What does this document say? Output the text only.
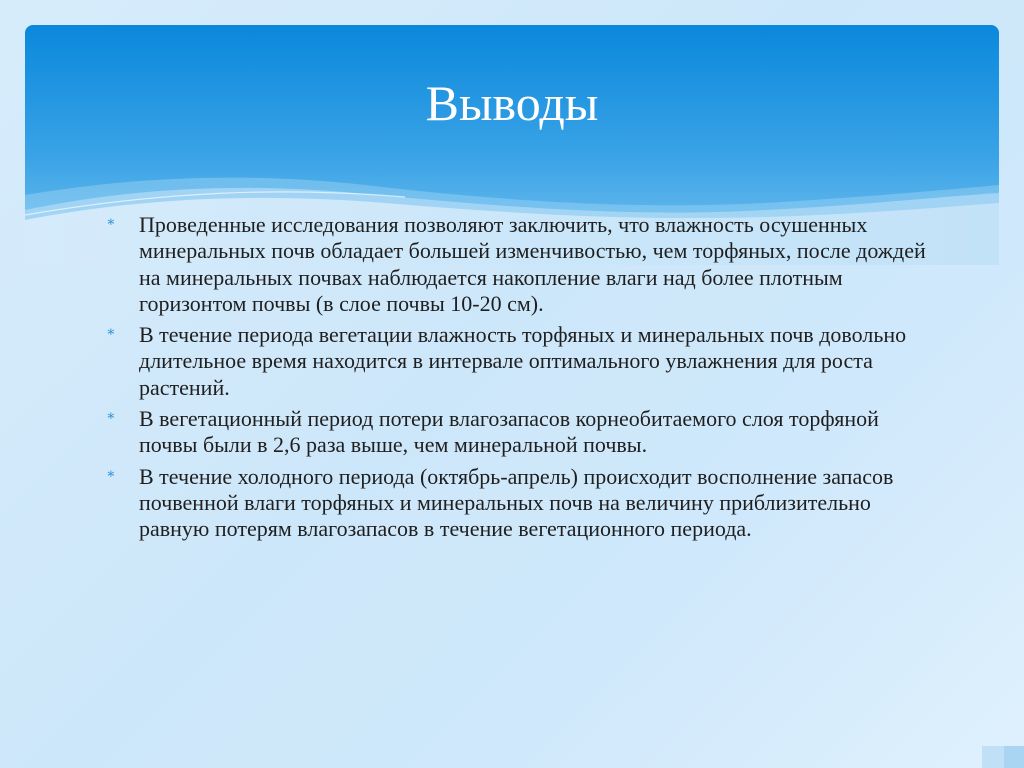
Выводы
∗ Проведенные исследования позволяют заключить, что влажность осушенных минеральных почв обладает большей изменчивостью, чем торфяных, после дождей на минеральных почвах наблюдается накопление влаги над более плотным горизонтом почвы (в слое почвы 10-20 см).
∗ В течение периода вегетации влажность торфяных и минеральных почв довольно длительное время находится в интервале оптимального увлажнения для роста растений.
∗ В вегетационный период потери влагозапасов корнеобитаемого слоя торфяной почвы были в 2,6 раза выше, чем минеральной почвы.
∗ В течение холодного периода (октябрь-апрель) происходит восполнение запасов почвенной влаги торфяных и минеральных почв на величину приблизительно равную потерям влагозапасов в течение вегетационного периода.
